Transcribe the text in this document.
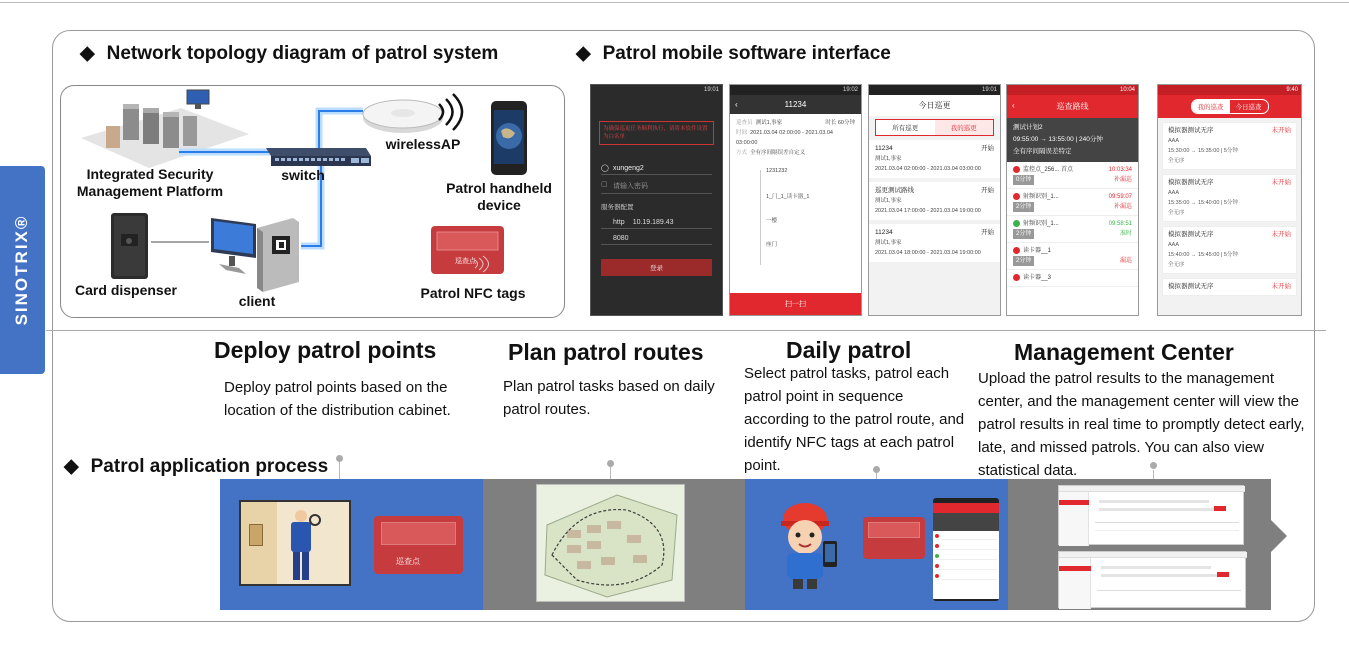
SINOTRIX®
◆ Network topology diagram of patrol system	◆ Patrol mobile software interface
◆ Patrol application process
Integrated Security
Management Platform
switch
wirelessAP
Patrol handheld
device
Card dispenser
client	Patrol NFC tags
巡查点
19:01
为确保巡更任务顺利执行，请将本软件设置为白名单
◯ xungeng2
▢ 请输入密码
服务器配置
http 10.19.189.43
8080
登录
19:02
‹	11234
巡查员 测试1,事家	时长 60分钟
时间 2021.03.04 02:00:00 - 2021.03.04 03:00:00
方式 全有序间隔误差自定义
1231232
1_门_1_读卡器_1
一樓
座门
扫一扫
19:01
今日巡更
所有巡更	我的巡更
11234	开始
测试1,事家
2021.03.04 02:00:00 - 2021.03.04 03:00:00
巡更测试路线	开始
测试1,事家
2021.03.04 17:00:00 - 2021.03.04 19:00:00
11234	开始
测试1,事家
2021.03.04 18:00:00 - 2021.03.04 19:00:00
10:04
‹	巡查路线
测试计划2
09:55:00 → 13:55:00 | 240分钟
全有序间隔误差特定
监控点_256... 首点	10:03:34
0分钟	补漏巡
射频识别_1...	09:59:07
2分钟	补漏巡
射频识别_1...	09:58:51
2分钟	准时
读卡器__1
2分钟	漏巡
读卡器__3
9:40
我的巡查	今日巡查
模拟器测试无序	未开始
AAA
15:30:00 → 15:35:00 | 5分钟
全无序
模拟器测试无序	未开始
AAA
15:35:00 → 15:40:00 | 5分钟
全无序
模拟器测试无序	未开始
AAA
15:40:00 → 15:45:00 | 5分钟
全无序
模拟器测试无序	未开始
Deploy patrol points
Deploy patrol points based on the location of the distribution cabinet.
Plan patrol routes
Plan patrol tasks based on daily patrol routes.
Daily patrol
Select patrol tasks, patrol each patrol point in sequence according to the patrol route, and identify NFC tags at each patrol point.
Management Center
Upload the patrol results to the management center, and the management center will view the patrol results in real time to promptly detect early, late, and missed patrols. You can also view statistical data.
巡查点
